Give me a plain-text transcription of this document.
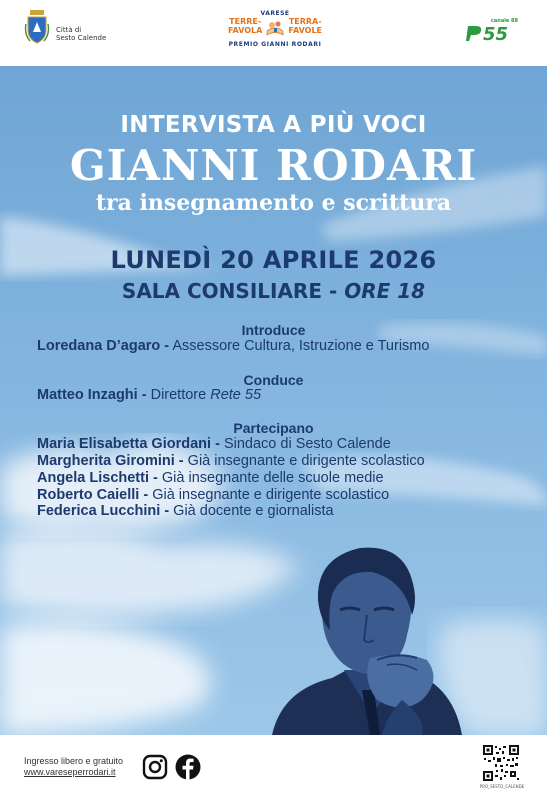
Città di
Sesto Calende
VARESE
TERRE-
FAVOLA
TERRA-
FAVOLE
PREMIO GIANNI RODARI
canale 88
55
INTERVISTA A PIÙ VOCI
GIANNI RODARI
tra insegnamento e scrittura
LUNEDÌ 20 APRILE 2026
SALA CONSILIARE - ORE 18
Introduce
Loredana D’agaro - Assessore Cultura, Istruzione e Turismo
Conduce
Matteo Inzaghi - Direttore Rete 55
Partecipano
Maria Elisabetta Giordani - Sindaco di Sesto Calende
Margherita Giromini - Già insegnante e dirigente scolastico
Angela Lischetti - Già insegnante delle scuole medie
Roberto Caielli - Già insegnante e dirigente scolastico
Federica Lucchini - Già docente e giornalista
Ingresso libero e gratuito
www.vareseperrodari.it
PRO_SESTO_CALENDE
